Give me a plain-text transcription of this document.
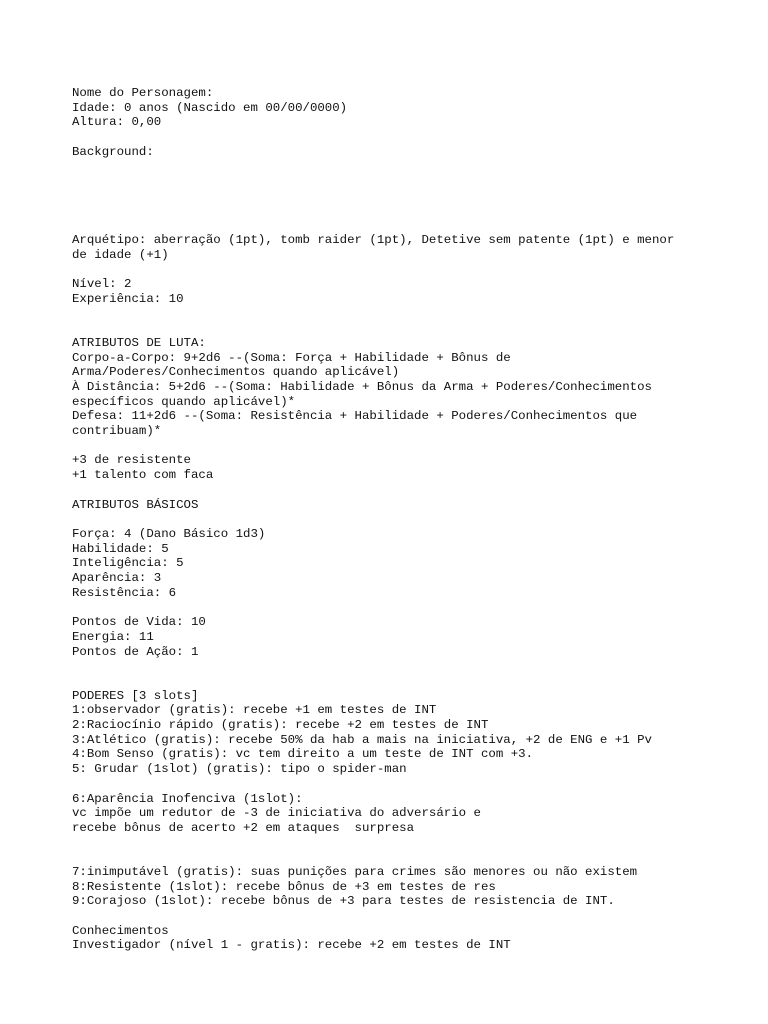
Nome do Personagem:
Idade: 0 anos (Nascido em 00/00/0000)
Altura: 0,00
Background:
Arquétipo: aberração (1pt), tomb raider (1pt), Detetive sem patente (1pt) e menor
de idade (+1)
Nível: 2
Experiência: 10
ATRIBUTOS DE LUTA:
Corpo-a-Corpo: 9+2d6 --(Soma: Força + Habilidade + Bônus de
Arma/Poderes/Conhecimentos quando aplicável)
À Distância: 5+2d6 --(Soma: Habilidade + Bônus da Arma + Poderes/Conhecimentos
específicos quando aplicável)*
Defesa: 11+2d6 --(Soma: Resistência + Habilidade + Poderes/Conhecimentos que
contribuam)*
+3 de resistente
+1 talento com faca
ATRIBUTOS BÁSICOS
Força: 4 (Dano Básico 1d3)
Habilidade: 5
Inteligência: 5
Aparência: 3
Resistência: 6
Pontos de Vida: 10
Energia: 11
Pontos de Ação: 1
PODERES [3 slots]
1:observador (gratis): recebe +1 em testes de INT
2:Raciocínio rápido (gratis): recebe +2 em testes de INT
3:Atlético (gratis): recebe 50% da hab a mais na iniciativa, +2 de ENG e +1 Pv
4:Bom Senso (gratis): vc tem direito a um teste de INT com +3.
5: Grudar (1slot) (gratis): tipo o spider-man
6:Aparência Inofenciva (1slot):
vc impõe um redutor de -3 de iniciativa do adversário e
recebe bônus de acerto +2 em ataques  surpresa
7:inimputável (gratis): suas punições para crimes são menores ou não existem
8:Resistente (1slot): recebe bônus de +3 em testes de res
9:Corajoso (1slot): recebe bônus de +3 para testes de resistencia de INT.
Conhecimentos
Investigador (nível 1 - gratis): recebe +2 em testes de INT
